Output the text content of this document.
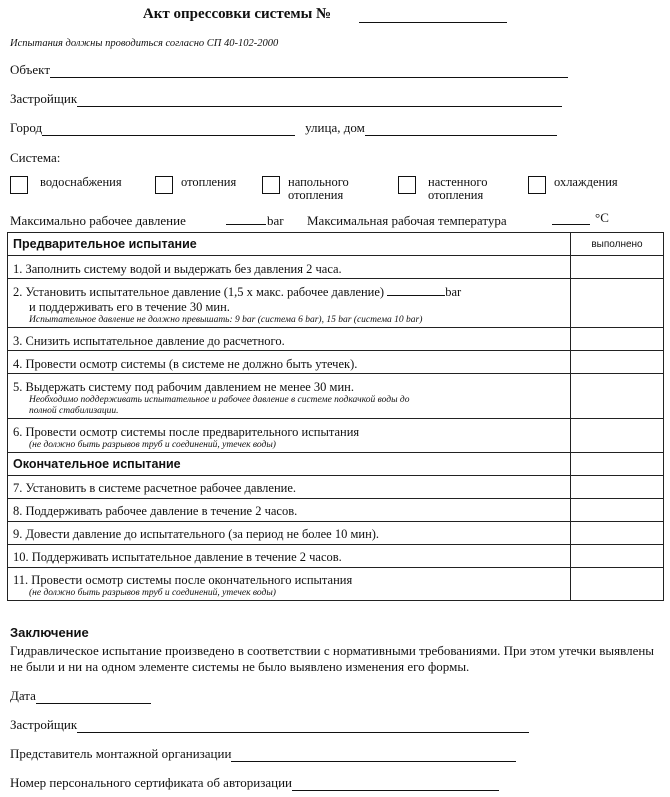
Акт опрессовки системы №
Испытания должны проводиться согласно СП 40-102-2000
Объект
Застройщик
Город	улица, дом
Система:
водоснабжения	отопления	напольного
отопления
настенного
отопления
охлаждения
Максимально рабочее давление	bar Максимальная рабочая температура	°C
Предварительное испытание	выполнено
1. Заполнить систему водой и выдержать без давления 2 часа.	
2. Установить испытательное давление (1,5 х макс. рабочее давление) bar
и поддерживать его в течение 30 мин.
Испытательное давление не должно превышать: 9 bar (система 6 bar), 15 bar (система 10 bar)	

3. Снизить испытательное давление до расчетного.	
4. Провести осмотр системы (в системе не должно быть утечек).	
5. Выдержать систему под рабочим давлением не менее 30 мин.
Необходимо поддерживать испытательное и рабочее давление в системе подкачкой воды до полной стабилизации.	

6. Провести осмотр системы после предварительного испытания
(не должно быть разрывов труб и соединений, утечек воды)	

Окончательное испытание	
7. Установить в системе расчетное рабочее давление.	
8. Поддерживать рабочее давление в течение 2 часов.	
9. Довести давление до испытательного (за период не более 10 мин).	
10. Поддерживать испытательное давление в течение 2 часов.	
11. Провести осмотр системы после окончательного испытания
(не должно быть разрывов труб и соединений, утечек воды)	

Заключение
Гидравлическое испытание произведено в соответствии с нормативными требованиями. При этом утечки выявлены не были и ни на одном элементе системы не было выявлено изменения его формы.
Дата
Застройщик
Представитель монтажной организации
Номер персонального сертификата об авторизации
